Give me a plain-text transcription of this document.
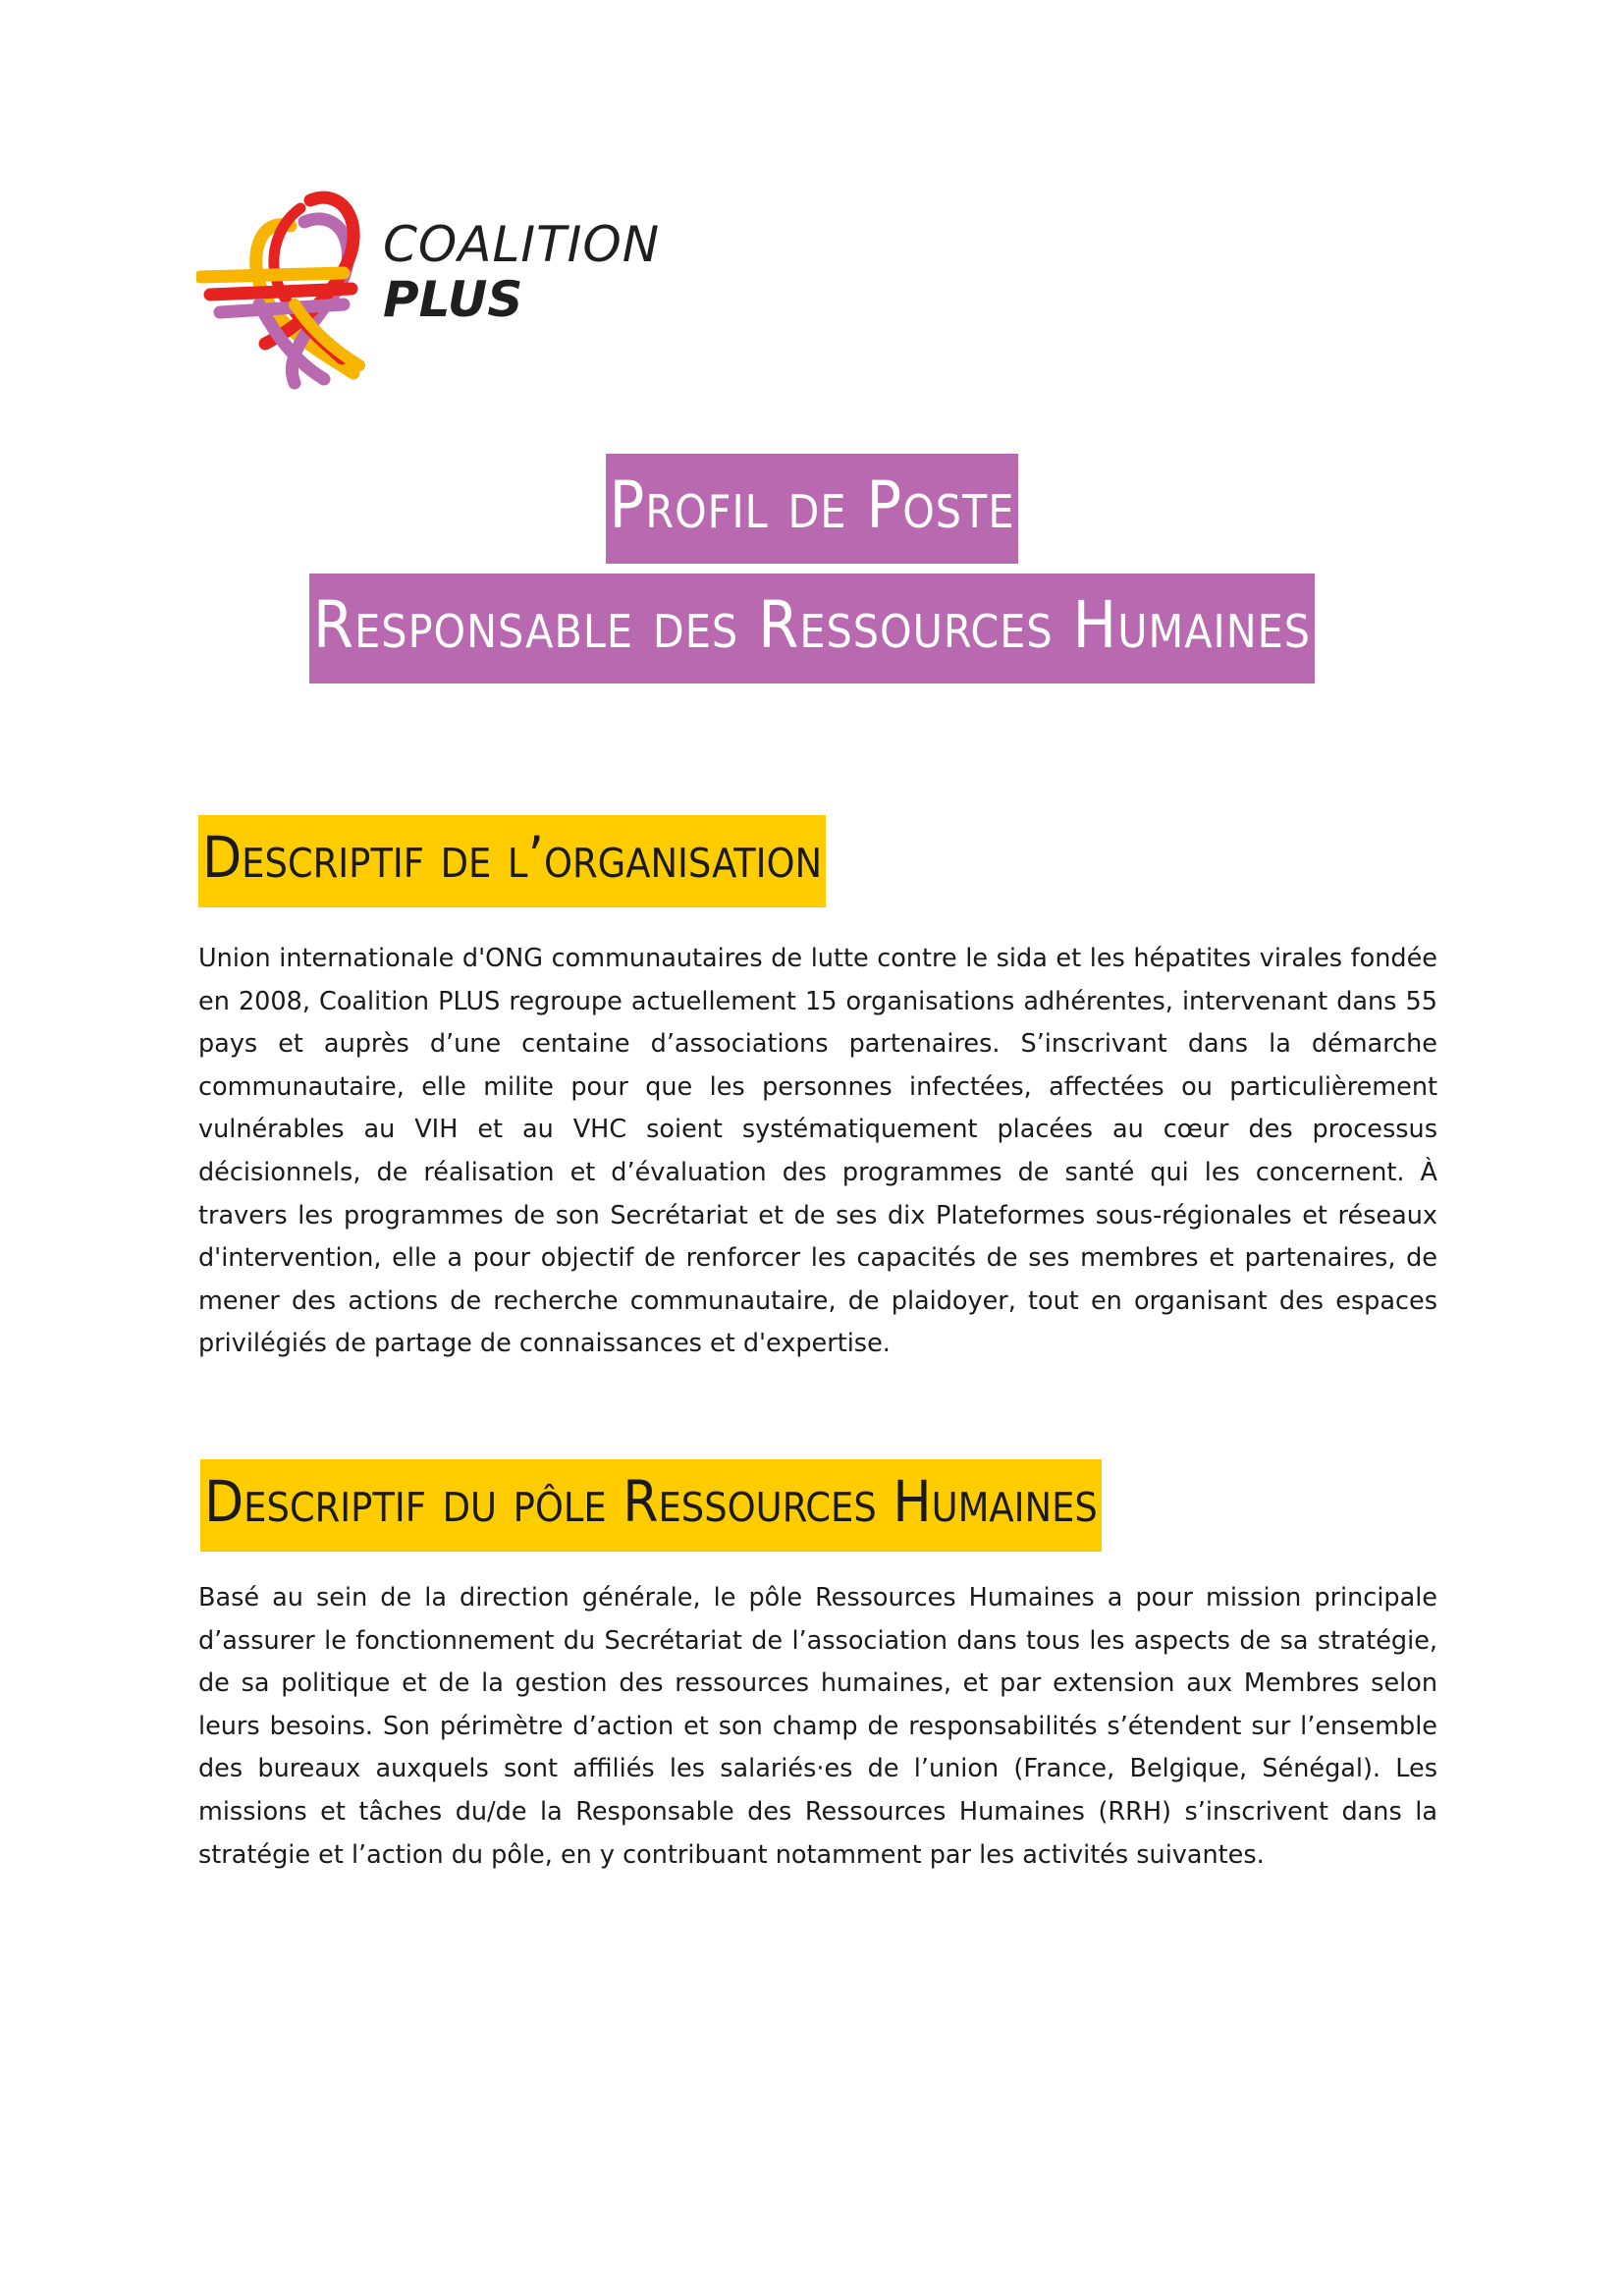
COALITION
PLUS
Profil de Poste
Responsable des Ressources Humaines
Descriptif de l’organisation

Union internationale d'ONG communautaires de lutte contre le sida et les hépatites virales fondée en 2008, Coalition PLUS regroupe actuellement 15 organisations adhérentes, intervenant dans 55 pays et auprès d’une centaine d’associations partenaires. S’inscrivant dans la démarche communautaire, elle milite pour que les personnes infectées, affectées ou particulièrement vulnérables au VIH et au VHC soient systématiquement placées au cœur des processus décisionnels, de réalisation et d’évaluation des programmes de santé qui les concernent. À travers les programmes de son Secrétariat et de ses dix Plateformes sous-régionales et réseaux d'intervention, elle a pour objectif de renforcer les capacités de ses membres et partenaires, de mener des actions de recherche communautaire, de plaidoyer, tout en organisant des espaces privilégiés de partage de connaissances et d'expertise.

Descriptif du pôle Ressources Humaines

Basé au sein de la direction générale, le pôle Ressources Humaines a pour mission principale d’assurer le fonctionnement du Secrétariat de l’association dans tous les aspects de sa stratégie, de sa politique et de la gestion des ressources humaines, et par extension aux Membres selon leurs besoins. Son périmètre d’action et son champ de responsabilités s’étendent sur l’ensemble des bureaux auxquels sont affiliés les salariés·es de l’union (France, Belgique, Sénégal). Les missions et tâches du/de la Responsable des Ressources Humaines (RRH) s’inscrivent dans la stratégie et l’action du pôle, en y contribuant notamment par les activités suivantes.
